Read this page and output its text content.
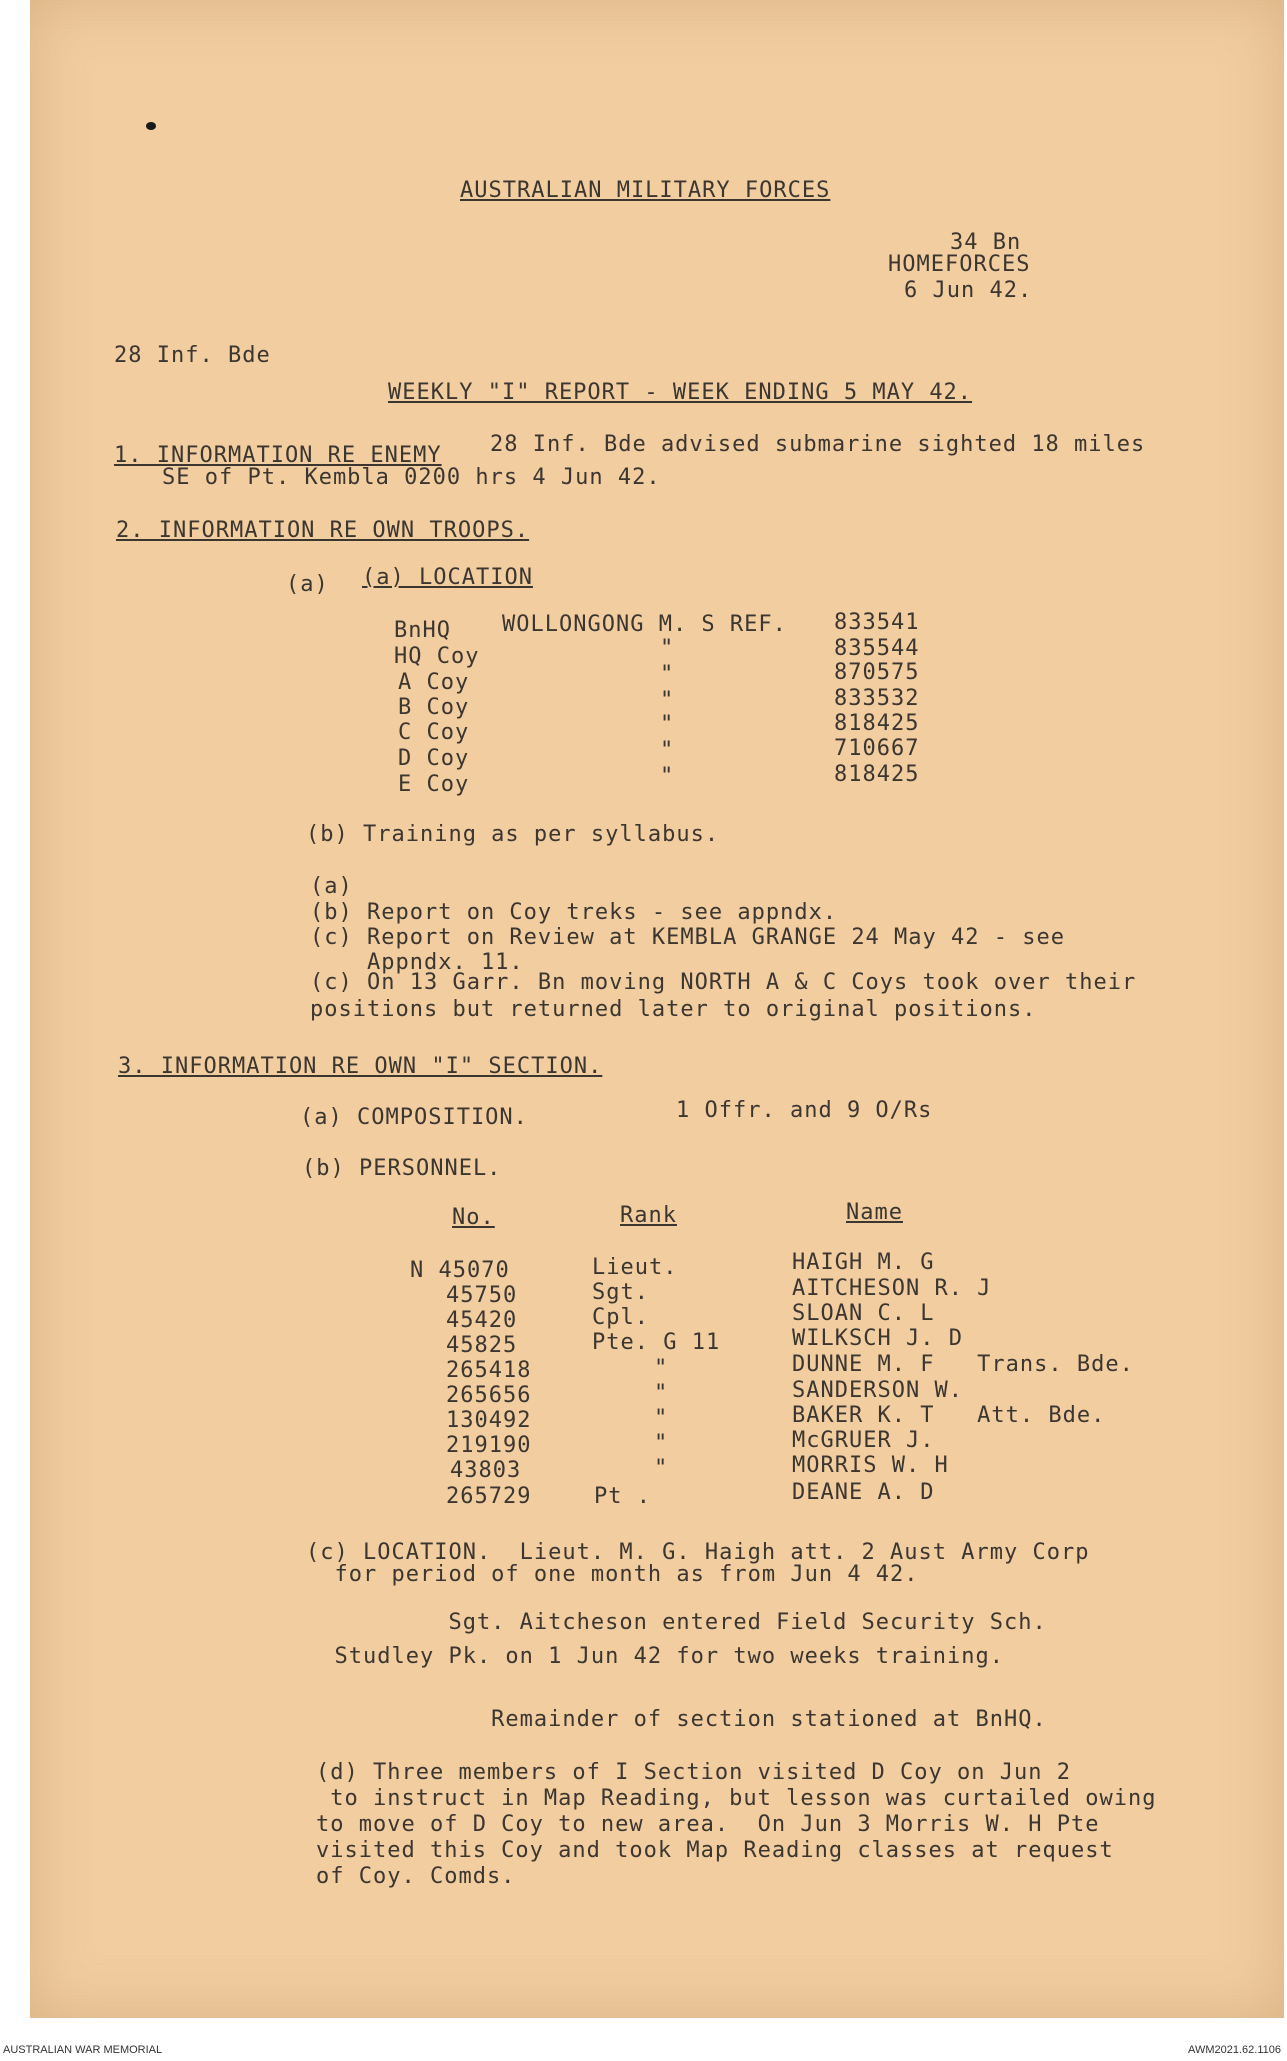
AUSTRALIAN MILITARY FORCES
34 Bn
HOMEFORCES
6 Jun 42.
28 Inf. Bde
WEEKLY "I" REPORT - WEEK ENDING 5 MAY 42.
1. INFORMATION RE ENEMY 28 Inf. Bde advised submarine sighted 18 miles
SE of Pt. Kembla 0200 hrs 4 Jun 42.
2. INFORMATION RE OWN TROOPS.
(a) (a) LOCATION
BnHQ WOLLONGONG M. S REF. 833541
HQ Coy	"	835544
A Coy	"	870575
B Coy	"	833532
C Coy	"	818425
D Coy	"	710667
E Coy	"	818425
(b) Training as per syllabus.
(a)
(b) Report on Coy treks - see appndx.
(c) Report on Review at KEMBLA GRANGE 24 May 42 - see
Appndx. 11.
(c) On 13 Garr. Bn moving NORTH A & C Coys took over their
positions but returned later to original positions.
3. INFORMATION RE OWN "I" SECTION.
(a) COMPOSITION.	1 Offr. and 9 O/Rs
(b) PERSONNEL.
No.	Rank	Name
N 45070	Lieut.	HAIGH M. G
45750	Sgt.	AITCHESON R. J
45420	Cpl.	SLOAN C. L
45825	Pte. G 11	WILKSCH J. D
265418	"	DUNNE M. F   Trans. Bde.
265656	"	SANDERSON W.
130492	"	BAKER K. T   Att. Bde.
219190	"	McGRUER J.
43803	"	MORRIS W. H
265729	Pt .	DEANE A. D
(c) LOCATION.  Lieut. M. G. Haigh att. 2 Aust Army Corp
for period of one month as from Jun 4 42.
Sgt. Aitcheson entered Field Security Sch.
Studley Pk. on 1 Jun 42 for two weeks training.
Remainder of section stationed at BnHQ.
(d) Three members of I Section visited D Coy on Jun 2
to instruct in Map Reading, but lesson was curtailed owing
to move of D Coy to new area.  On Jun 3 Morris W. H Pte
visited this Coy and took Map Reading classes at request
of Coy. Comds.
AUSTRALIAN WAR MEMORIAL	AWM2021.62.1106
